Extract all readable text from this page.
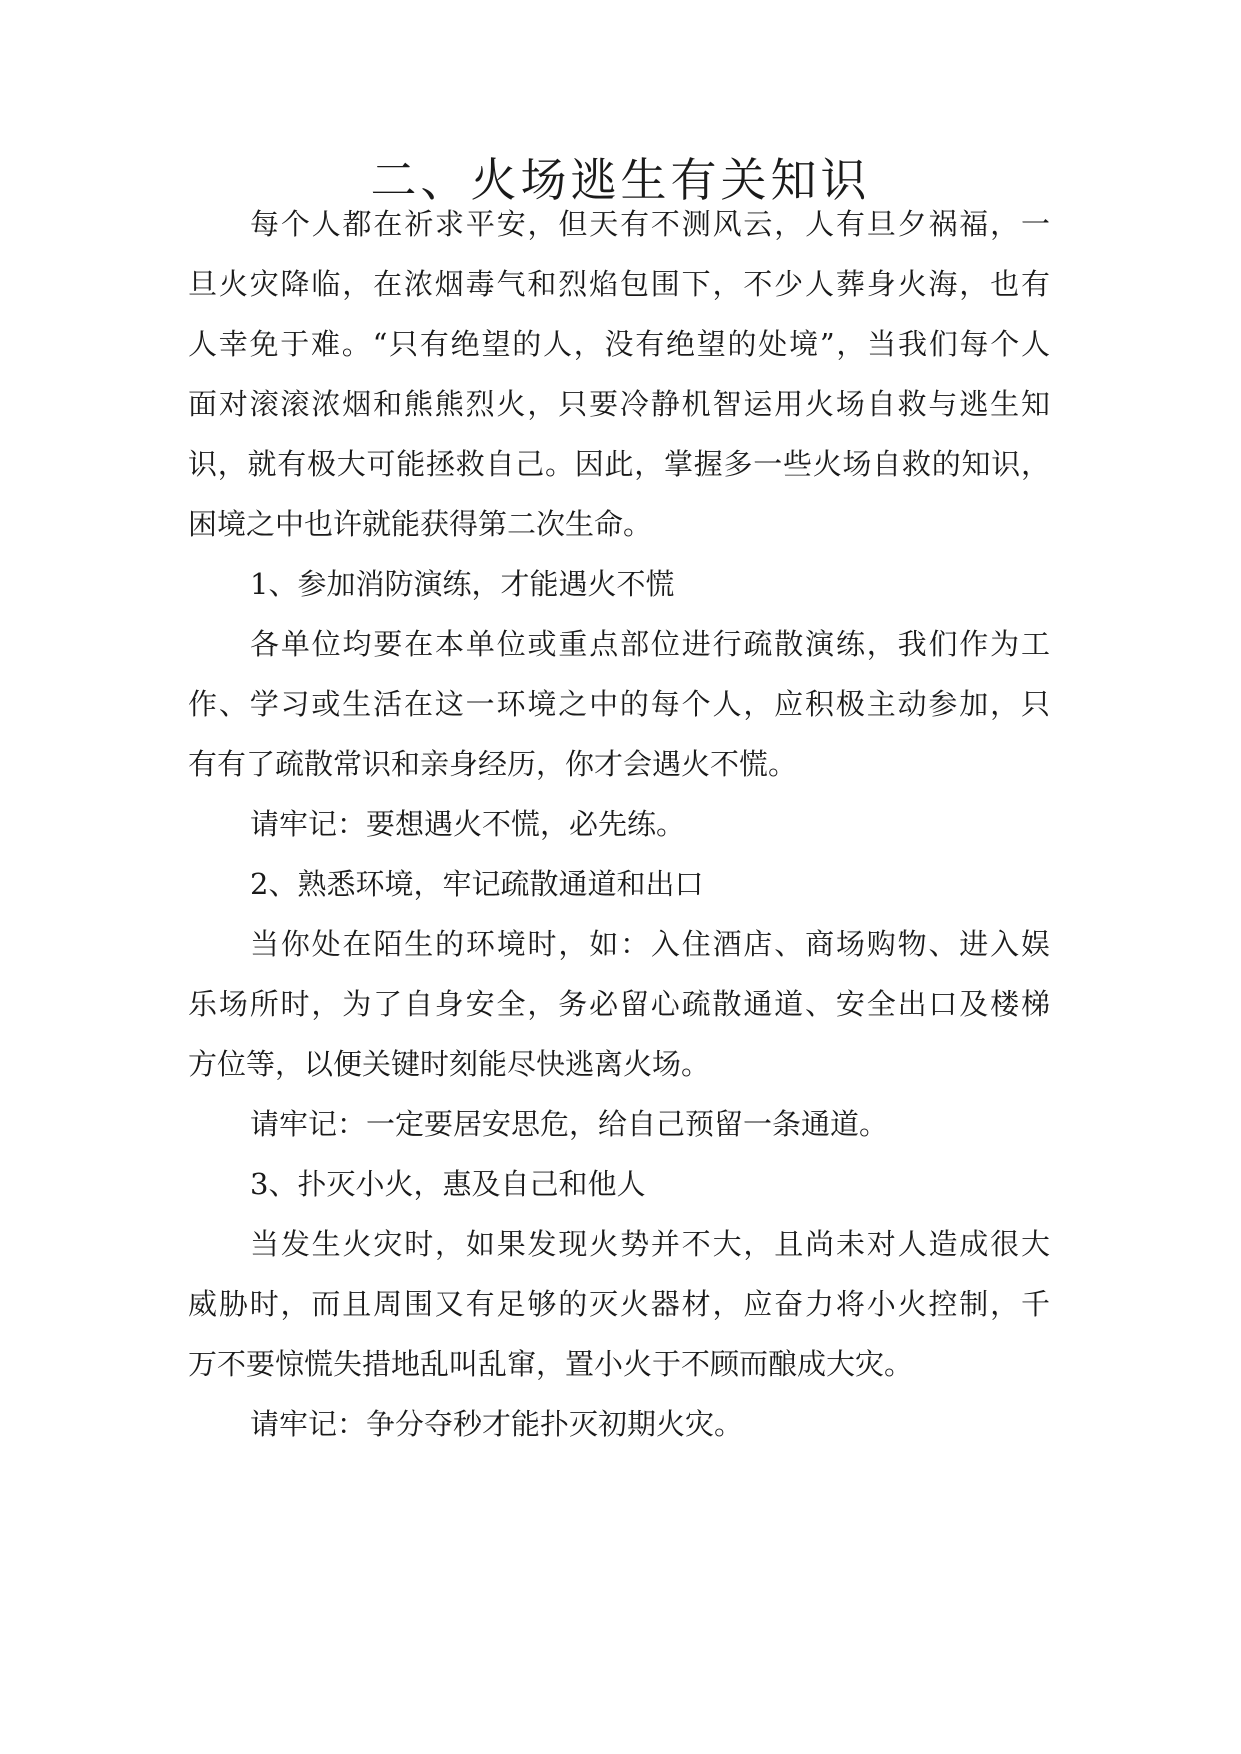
二、火场逃生有关知识
每个人都在祈求平安，但天有不测风云，人有旦夕祸福，一
旦火灾降临，在浓烟毒气和烈焰包围下，不少人葬身火海，也有
人幸免于难。“只有绝望的人，没有绝望的处境”，当我们每个人
面对滚滚浓烟和熊熊烈火，只要冷静机智运用火场自救与逃生知
识，就有极大可能拯救自己。因此，掌握多一些火场自救的知识，
困境之中也许就能获得第二次生命。
1、参加消防演练，才能遇火不慌
各单位均要在本单位或重点部位进行疏散演练，我们作为工
作、学习或生活在这一环境之中的每个人，应积极主动参加，只
有有了疏散常识和亲身经历，你才会遇火不慌。
请牢记：要想遇火不慌，必先练。
2、熟悉环境，牢记疏散通道和出口
当你处在陌生的环境时，如：入住酒店、商场购物、进入娱
乐场所时，为了自身安全，务必留心疏散通道、安全出口及楼梯
方位等，以便关键时刻能尽快逃离火场。
请牢记：一定要居安思危，给自己预留一条通道。
3、扑灭小火，惠及自己和他人
当发生火灾时，如果发现火势并不大，且尚未对人造成很大
威胁时，而且周围又有足够的灭火器材，应奋力将小火控制，千
万不要惊慌失措地乱叫乱窜，置小火于不顾而酿成大灾。
请牢记：争分夺秒才能扑灭初期火灾。
